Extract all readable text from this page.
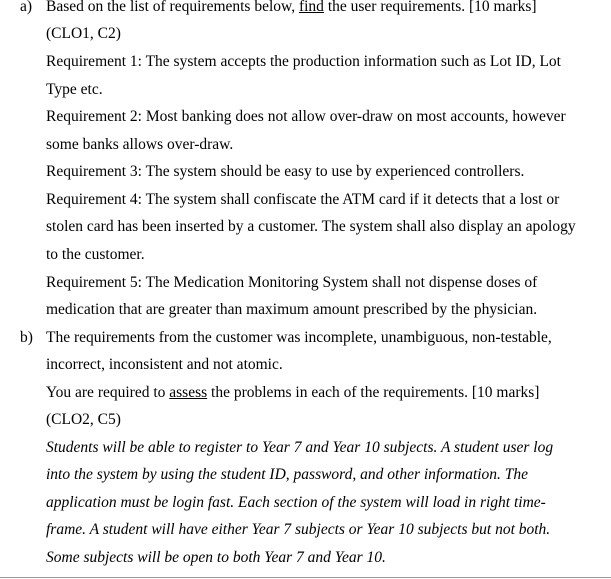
a) Based on the list of requirements below, find the user requirements. [10 marks]
(CLO1, C2)
Requirement 1: The system accepts the production information such as Lot ID, Lot
Type etc.
Requirement 2: Most banking does not allow over-draw on most accounts, however
some banks allows over-draw.
Requirement 3: The system should be easy to use by experienced controllers.
Requirement 4: The system shall confiscate the ATM card if it detects that a lost or
stolen card has been inserted by a customer. The system shall also display an apology
to the customer.
Requirement 5: The Medication Monitoring System shall not dispense doses of
medication that are greater than maximum amount prescribed by the physician.
b) The requirements from the customer was incomplete, unambiguous, non-testable,
incorrect, inconsistent and not atomic.
You are required to assess the problems in each of the requirements. [10 marks]
(CLO2, C5)
Students will be able to register to Year 7 and Year 10 subjects. A student user log
into the system by using the student ID, password, and other information. The
application must be login fast. Each section of the system will load in right time-
frame. A student will have either Year 7 subjects or Year 10 subjects but not both.
Some subjects will be open to both Year 7 and Year 10.
